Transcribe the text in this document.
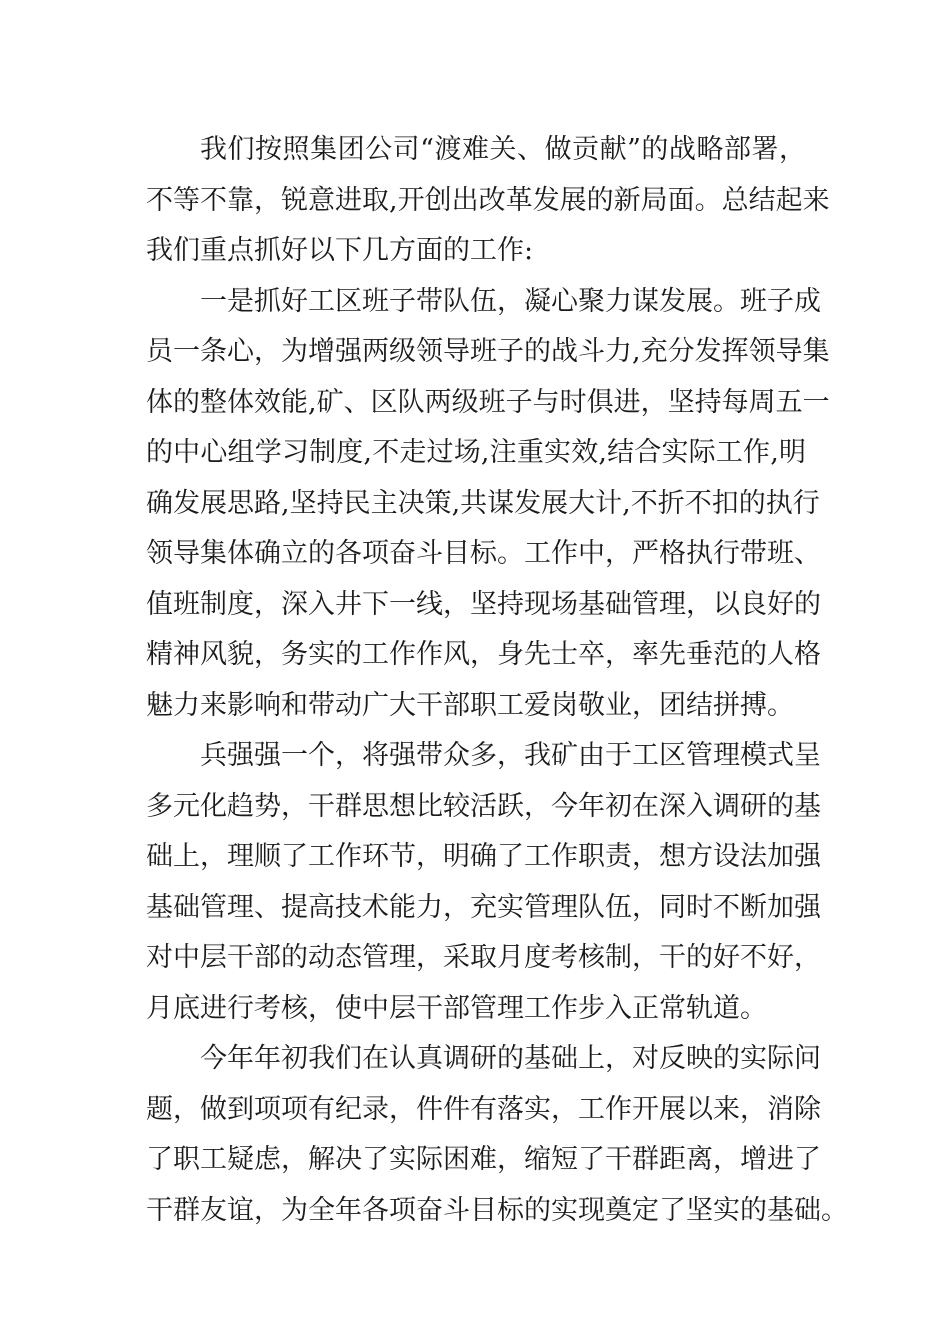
我们按照集团公司“渡难关、做贡献”的战略部署，
不等不靠，锐意进取,开创出改革发展的新局面。总结起来
我们重点抓好以下几方面的工作:
一是抓好工区班子带队伍，凝心聚力谋发展。班子成
员一条心，为增强两级领导班子的战斗力,充分发挥领导集
体的整体效能,矿、区队两级班子与时俱进，坚持每周五一
的中心组学习制度,不走过场,注重实效,结合实际工作,明
确发展思路,坚持民主决策,共谋发展大计,不折不扣的执行
领导集体确立的各项奋斗目标。工作中，严格执行带班、
值班制度，深入井下一线，坚持现场基础管理，以良好的
精神风貌，务实的工作作风，身先士卒，率先垂范的人格
魅力来影响和带动广大干部职工爱岗敬业，团结拼搏。
兵强强一个，将强带众多，我矿由于工区管理模式呈
多元化趋势，干群思想比较活跃，今年初在深入调研的基
础上，理顺了工作环节，明确了工作职责，想方设法加强
基础管理、提高技术能力，充实管理队伍，同时不断加强
对中层干部的动态管理，采取月度考核制，干的好不好，
月底进行考核，使中层干部管理工作步入正常轨道。
今年年初我们在认真调研的基础上，对反映的实际问
题，做到项项有纪录，件件有落实，工作开展以来，消除
了职工疑虑，解决了实际困难，缩短了干群距离，增进了
干群友谊，为全年各项奋斗目标的实现奠定了坚实的基础。
